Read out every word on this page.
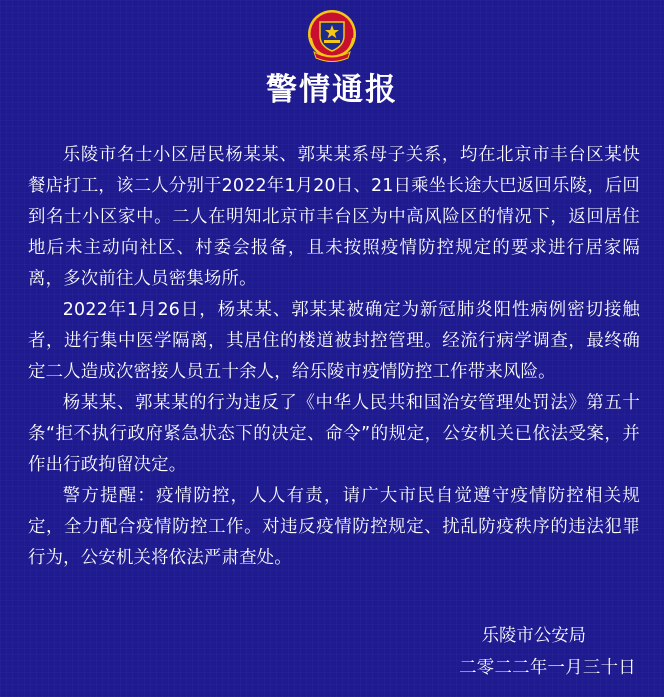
警情通报

乐陵市名士小区居民杨某某、郭某某系母子关系，均在北京市丰台区某快餐店打工，该二人分别于2022年1月20日、21日乘坐长途大巴返回乐陵，后回到名士小区家中。二人在明知北京市丰台区为中高风险区的情况下，返回居住地后未主动向社区、村委会报备，且未按照疫情防控规定的要求进行居家隔离，多次前往人员密集场所。

2022年1月26日，杨某某、郭某某被确定为新冠肺炎阳性病例密切接触者，进行集中医学隔离，其居住的楼道被封控管理。经流行病学调查，最终确定二人造成次密接人员五十余人，给乐陵市疫情防控工作带来风险。

杨某某、郭某某的行为违反了《中华人民共和国治安管理处罚法》第五十条“拒不执行政府紧急状态下的决定、命令”的规定，公安机关已依法受案，并作出行政拘留决定。

警方提醒：疫情防控，人人有责，请广大市民自觉遵守疫情防控相关规定，全力配合疫情防控工作。对违反疫情防控规定、扰乱防疫秩序的违法犯罪行为，公安机关将依法严肃查处。

乐陵市公安局
二零二二年一月三十日
